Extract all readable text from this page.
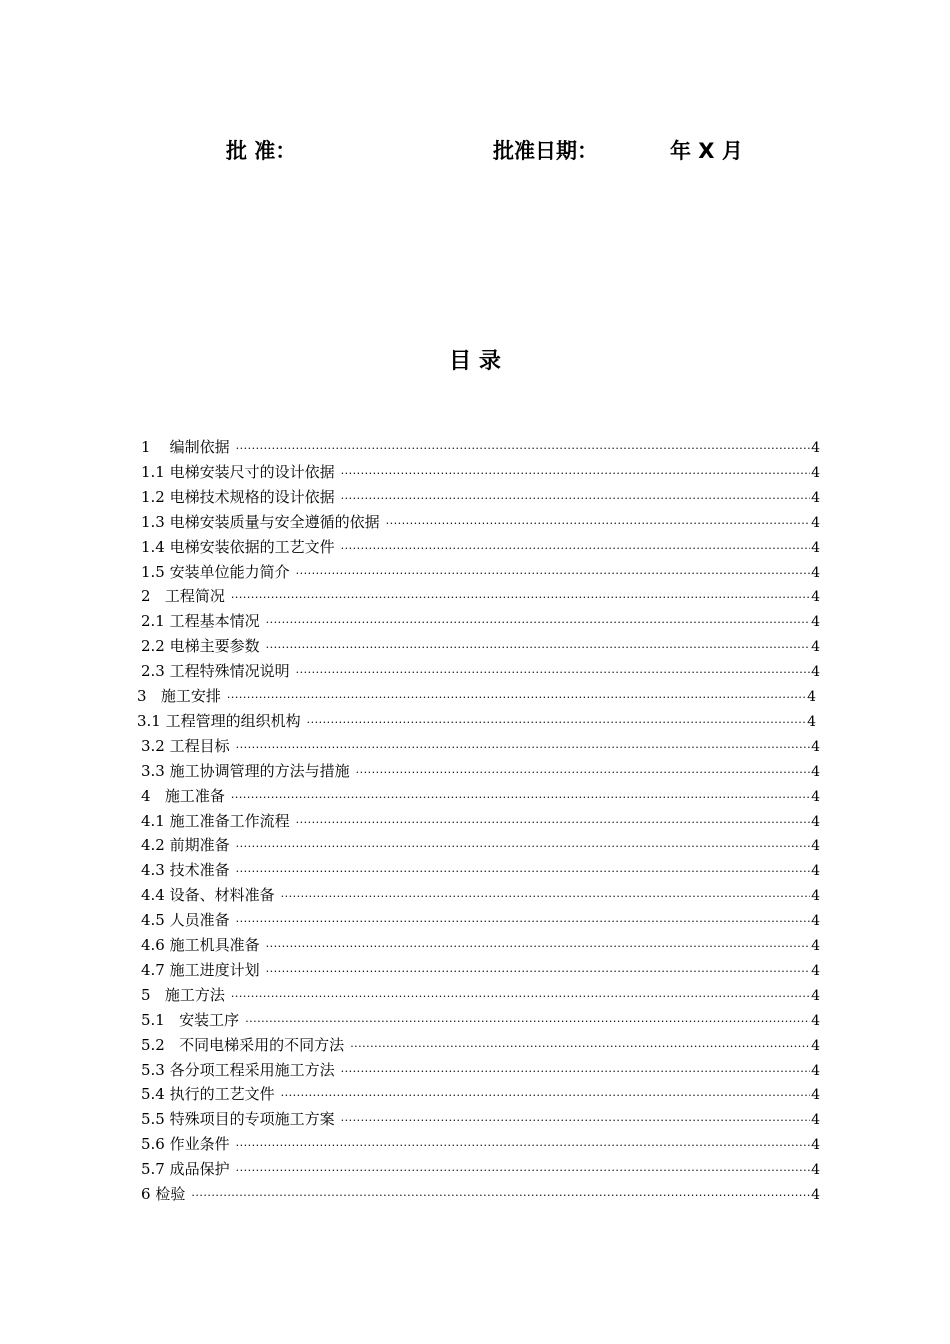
批 准：	批准日期：	年 X 月
目 录
1 编制依据 ·····	4
1.1 电梯安装尺寸的设计依据 ·····	4
1.2 电梯技术规格的设计依据 ·····	4
1.3 电梯安装质量与安全遵循的依据 ·····	4
1.4 电梯安装依据的工艺文件 ·····	4
1.5 安装单位能力简介 ·····	4
2 工程简况 ·····	4
2.1 工程基本情况 ·····	4
2.2 电梯主要参数 ·····	4
2.3 工程特殊情况说明 ·····	4
3 施工安排 ·····	4
3.1 工程管理的组织机构 ·····	4
3.2 工程目标 ·····	4
3.3 施工协调管理的方法与措施 ·····	4
4 施工准备 ·····	4
4.1 施工准备工作流程 ·····	4
4.2 前期准备 ·····	4
4.3 技术准备 ·····	4
4.4 设备、材料准备 ·····	4
4.5 人员准备 ·····	4
4.6 施工机具准备 ·····	4
4.7 施工进度计划 ·····	4
5 施工方法 ·····	4
5.1 安装工序 ·····	4
5.2 不同电梯采用的不同方法 ·····	4
5.3 各分项工程采用施工方法 ·····	4
5.4 执行的工艺文件 ·····	4
5.5 特殊项目的专项施工方案 ·····	4
5.6 作业条件 ·····	4
5.7 成品保护 ·····	4
6 检验 ·····	4
